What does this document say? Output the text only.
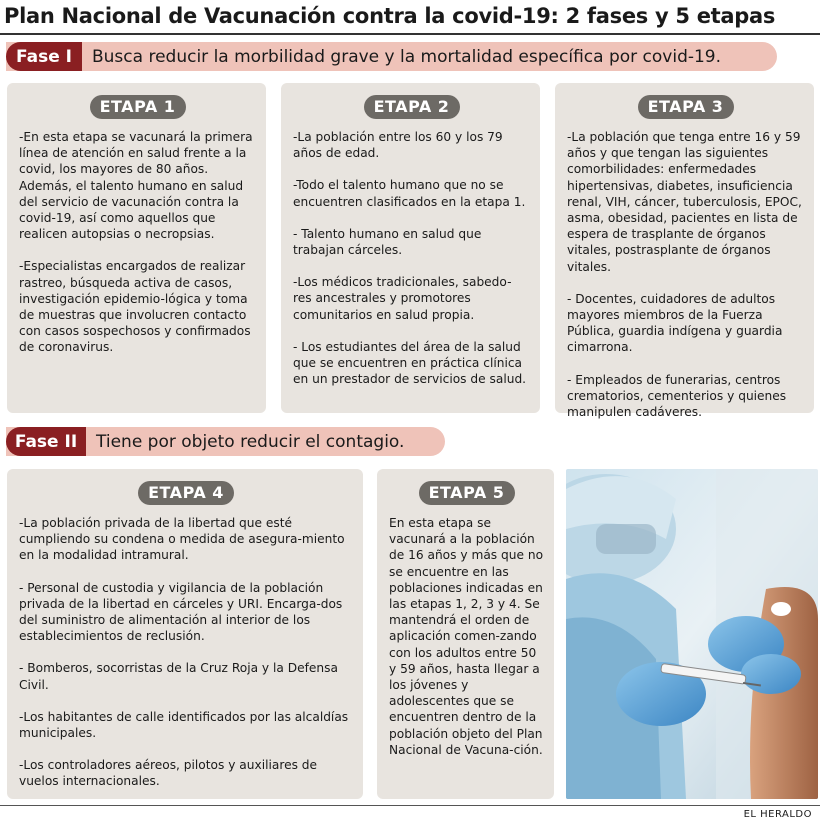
Plan Nacional de Vacunación contra la covid-19: 2 fases y 5 etapas
Fase I	Busca reducir la morbilidad grave y la mortalidad específica por covid-19.
ETAPA 1

-En esta etapa se vacunará la primera línea de atención en salud frente a la covid, los mayores de 80 años. Además, el talento humano en salud del servicio de vacunación contra la covid-19, así como aquellos que realicen autopsias o necropsias.

-Especialistas encargados de realizar rastreo, búsqueda activa de casos, investigación epidemio-lógica y toma de muestras que involucren contacto con casos sospechosos y confirmados de coronavirus.

ETAPA 2

-La población entre los 60 y los 79 años de edad.

-Todo el talento humano que no se encuentren clasificados en la etapa 1.

- Talento humano en salud que trabajan cárceles.

-Los médicos tradicionales, sabedo-res ancestrales y promotores comunitarios en salud propia.

- Los estudiantes del área de la salud que se encuentren en práctica clínica en un prestador de servicios de salud.

ETAPA 3

-La población que tenga entre 16 y 59 años y que tengan las siguientes comorbilidades: enfermedades hipertensivas, diabetes, insuficiencia renal, VIH, cáncer, tuberculosis, EPOC, asma, obesidad, pacientes en lista de espera de trasplante de órganos vitales, postrasplante de órganos vitales.

- Docentes, cuidadores de adultos mayores miembros de la Fuerza Pública, guardia indígena y guardia cimarrona.

- Empleados de funerarias, centros crematorios, cementerios y quienes manipulen cadáveres.

Fase II	Tiene por objeto reducir el contagio.
ETAPA 4

-La población privada de la libertad que esté cumpliendo su condena o medida de asegura-miento en la modalidad intramural.

- Personal de custodia y vigilancia de la población privada de la libertad en cárceles y URI. Encarga-dos del suministro de alimentación al interior de los establecimientos de reclusión.

- Bomberos, socorristas de la Cruz Roja y la Defensa Civil.

-Los habitantes de calle identificados por las alcaldías municipales.

-Los controladores aéreos, pilotos y auxiliares de vuelos internacionales.

ETAPA 5

En esta etapa se vacunará a la población de 16 años y más que no se encuentre en las poblaciones indicadas en las etapas 1, 2, 3 y 4. Se mantendrá el orden de aplicación comen-zando con los adultos entre 50 y 59 años, hasta llegar a los jóvenes y adolescentes que se encuentren dentro de la población objeto del Plan Nacional de Vacuna-ción.

EL HERALDO
